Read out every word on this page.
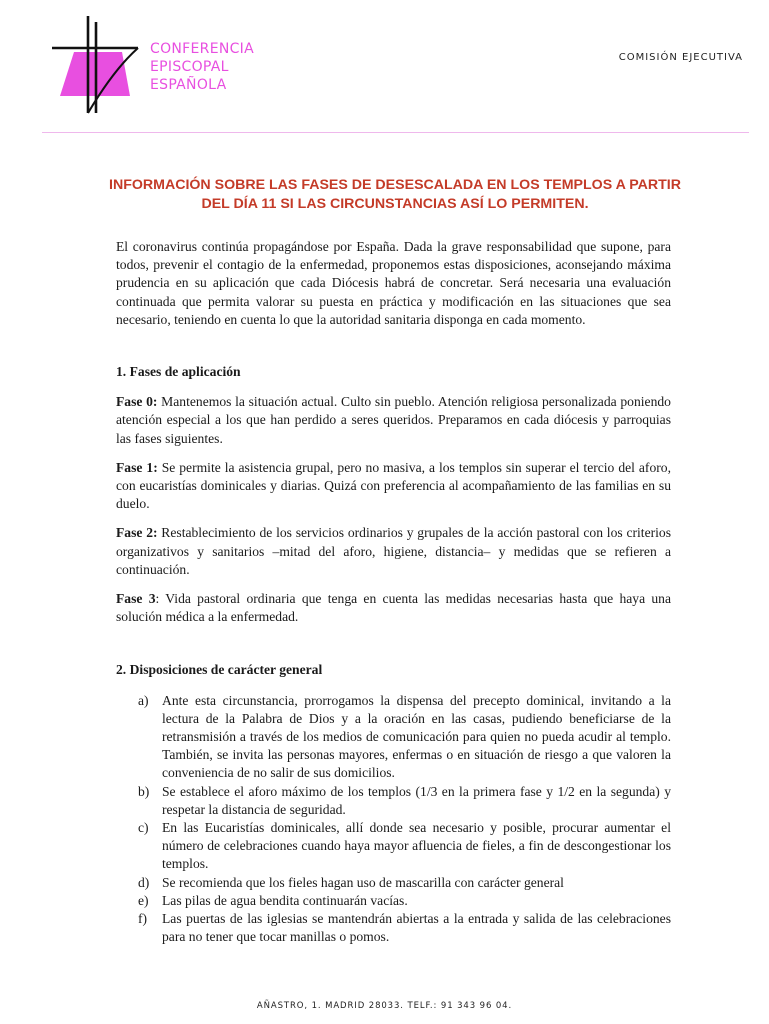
CONFERENCIA
EPISCOPAL
ESPAÑOLA
COMISIÓN EJECUTIVA
INFORMACIÓN SOBRE LAS FASES DE DESESCALADA EN LOS TEMPLOS A PARTIR DEL DÍA 11 SI LAS CIRCUNSTANCIAS ASÍ LO PERMITEN.

El coronavirus continúa propagándose por España. Dada la grave responsabilidad que supone, para todos, prevenir el contagio de la enfermedad, proponemos estas disposiciones, aconsejando máxima prudencia en su aplicación que cada Diócesis habrá de concretar. Será necesaria una evaluación continuada que permita valorar su puesta en práctica y modificación en las situaciones que sea necesario, teniendo en cuenta lo que la autoridad sanitaria disponga en cada momento.

1. Fases de aplicación

Fase 0: Mantenemos la situación actual. Culto sin pueblo. Atención religiosa personalizada poniendo atención especial a los que han perdido a seres queridos. Preparamos en cada diócesis y parroquias las fases siguientes.

Fase 1: Se permite la asistencia grupal, pero no masiva, a los templos sin superar el tercio del aforo, con eucaristías dominicales y diarias. Quizá con preferencia al acompañamiento de las familias en su duelo.

Fase 2: Restablecimiento de los servicios ordinarios y grupales de la acción pastoral con los criterios organizativos y sanitarios –mitad del aforo, higiene, distancia– y medidas que se refieren a continuación.

Fase 3: Vida pastoral ordinaria que tenga en cuenta las medidas necesarias hasta que haya una solución médica a la enfermedad.

2. Disposiciones de carácter general

a) Ante esta circunstancia, prorrogamos la dispensa del precepto dominical, invitando a la lectura de la Palabra de Dios y a la oración en las casas, pudiendo beneficiarse de la retransmisión a través de los medios de comunicación para quien no pueda acudir al templo. También, se invita las personas mayores, enfermas o en situación de riesgo a que valoren la conveniencia de no salir de sus domicilios.
b) Se establece el aforo máximo de los templos (1/3 en la primera fase y 1/2 en la segunda) y respetar la distancia de seguridad.
c) En las Eucaristías dominicales, allí donde sea necesario y posible, procurar aumentar el número de celebraciones cuando haya mayor afluencia de fieles, a fin de descongestionar los templos.
d) Se recomienda que los fieles hagan uso de mascarilla con carácter general
e) Las pilas de agua bendita continuarán vacías.
f)	Las puertas de las iglesias se mantendrán abiertas a la entrada y salida de las celebraciones para no tener que tocar manillas o pomos.
AÑASTRO, 1. MADRID 28033. TELF.: 91 343 96 04.
